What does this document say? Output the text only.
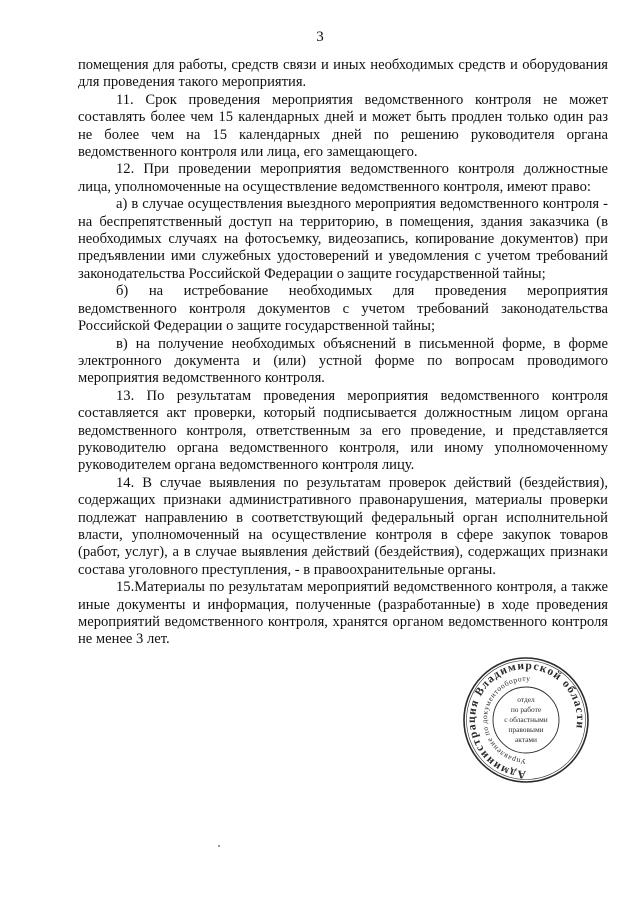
3

помещения для работы, средств связи и иных необходимых средств и оборудования для проведения такого мероприятия.

11. Срок проведения мероприятия ведомственного контроля не может составлять более чем 15 календарных дней и может быть продлен только один раз не более чем на 15 календарных дней по решению руководителя органа ведомственного контроля или лица, его замещающего.

12. При проведении мероприятия ведомственного контроля должностные лица, уполномоченные на осуществление ведомственного контроля, имеют право:

а) в случае осуществления выездного мероприятия ведомственного контроля - на беспрепятственный доступ на территорию, в помещения, здания заказчика (в необходимых случаях на фотосъемку, видеозапись, копирование документов) при предъявлении ими служебных удостоверений и уведомления с учетом требований законодательства Российской Федерации о защите государственной тайны;

б) на истребование необходимых для проведения мероприятия ведомственного контроля документов с учетом требований законодательства Российской Федерации о защите государственной тайны;

в) на получение необходимых объяснений в письменной форме, в форме электронного документа и (или) устной форме по вопросам проводимого мероприятия ведомственного контроля.

13. По результатам проведения мероприятия ведомственного контроля составляется акт проверки, который подписывается должностным лицом органа ведомственного контроля, ответственным за его проведение, и представляется руководителю органа ведомственного контроля, или иному уполномоченному руководителем органа ведомственного контроля лицу.

14. В случае выявления по результатам проверок действий (бездействия), содержащих признаки административного правонарушения, материалы проверки подлежат направлению в соответствующий федеральный орган исполнительной власти, уполномоченный на осуществление контроля в сфере закупок товаров (работ, услуг), а в случае выявления действий (бездействия), содержащих признаки состава уголовного преступления, - в правоохранительные органы.

15.Материалы по результатам мероприятий ведомственного контроля, а также иные документы и информация, полученные (разработанные) в ходе проведения мероприятий ведомственного контроля, хранятся органом ведомственного контроля не менее 3 лет.

Администрация Владимирской области
Управление по документообороту
отдел
по работе
с областными
правовыми
актами
